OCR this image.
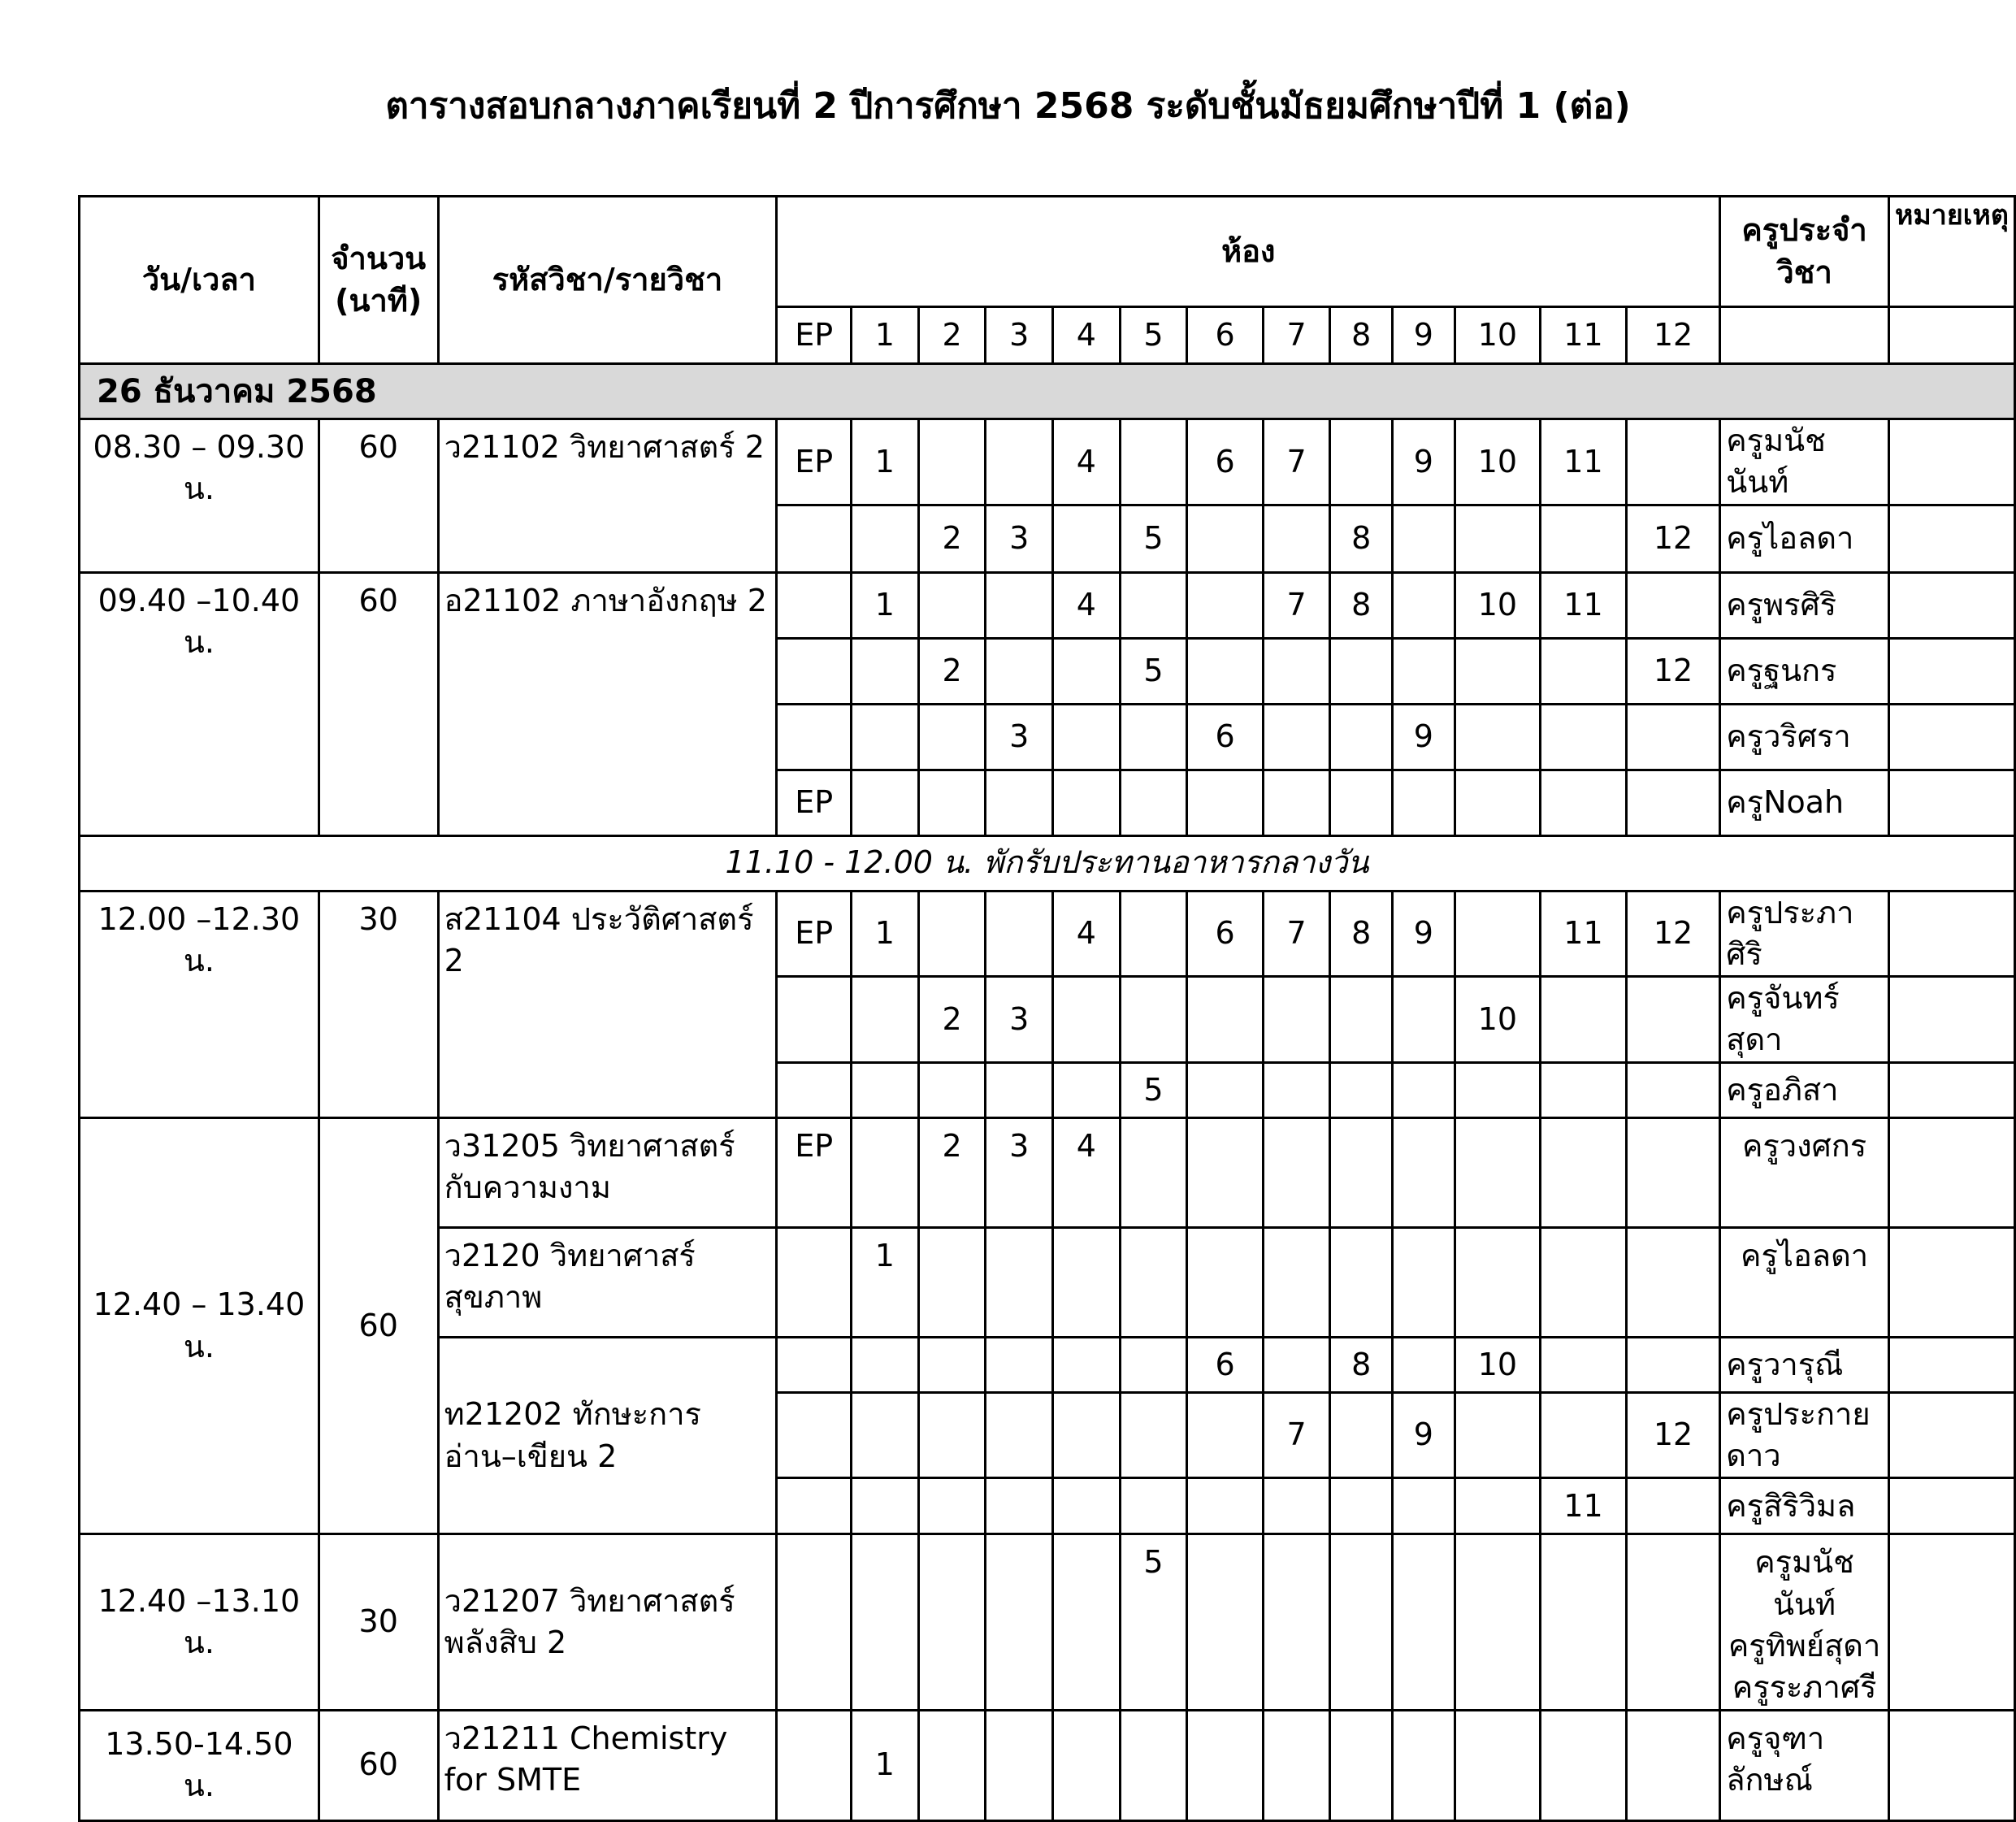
ตารางสอบกลางภาคเรียนที่ 2 ปีการศึกษา 2568 ระดับชั้นมัธยมศึกษาปีที่ 1 (ต่อ)
วัน/เวลา	จำนวน (นาที)	รหัสวิชา/รายวิชา	ห้อง													ครูประจำวิชา	หมายเหตุ
			EP	1	2	3	4	5	6	7	8	9	10	11	12		
26 ธันวาคม 2568																	
08.30 – 09.30 น.	60	ว21102 วิทยาศาสตร์ 2	EP	1			4		6	7		9	10	11		ครูมนัชนันท์	
					2	3		5			8				12	ครูไอลดา	
09.40 –10.40 น.	60	อ21102 ภาษาอังกฤษ 2		1			4			7	8		10	11		ครูพรศิริ	
					2			5							12	ครูฐนกร	
						3			6			9				ครูวริศรา	
			EP													ครูNoah	
11.10 - 12.00 น. พักรับประทานอาหารกลางวัน																	
12.00 –12.30 น.	30	ส21104 ประวัติศาสตร์ 2	EP	1			4		6	7	8	9		11	12	ครูประภาศิริ	
					2	3							10			ครูจันทร์สุดา	
								5								ครูอภิสา	
12.40 – 13.40 น.	60	ว31205 วิทยาศาสตร์กับความงาม	EP		2	3	4									ครูวงศกร	
		ว2120 วิทยาศาสร์สุขภาพ		1												ครูไอลดา	
		ท21202 ทักษะการอ่าน–เขียน 2							6		8		10			ครูวารุณี	
										7		9			12	ครูประกายดาว	
														11		ครูสิริวิมล	
12.40 –13.10 น.	30	ว21207 วิทยาศาสตร์พลังสิบ 2						5								ครูมนัชนันท์
ครูทิพย์สุดา
ครูระภาศรี	

13.50-14.50 น.	60	ว21211 Chemistry for SMTE		1												ครูจุฑาลักษณ์	
